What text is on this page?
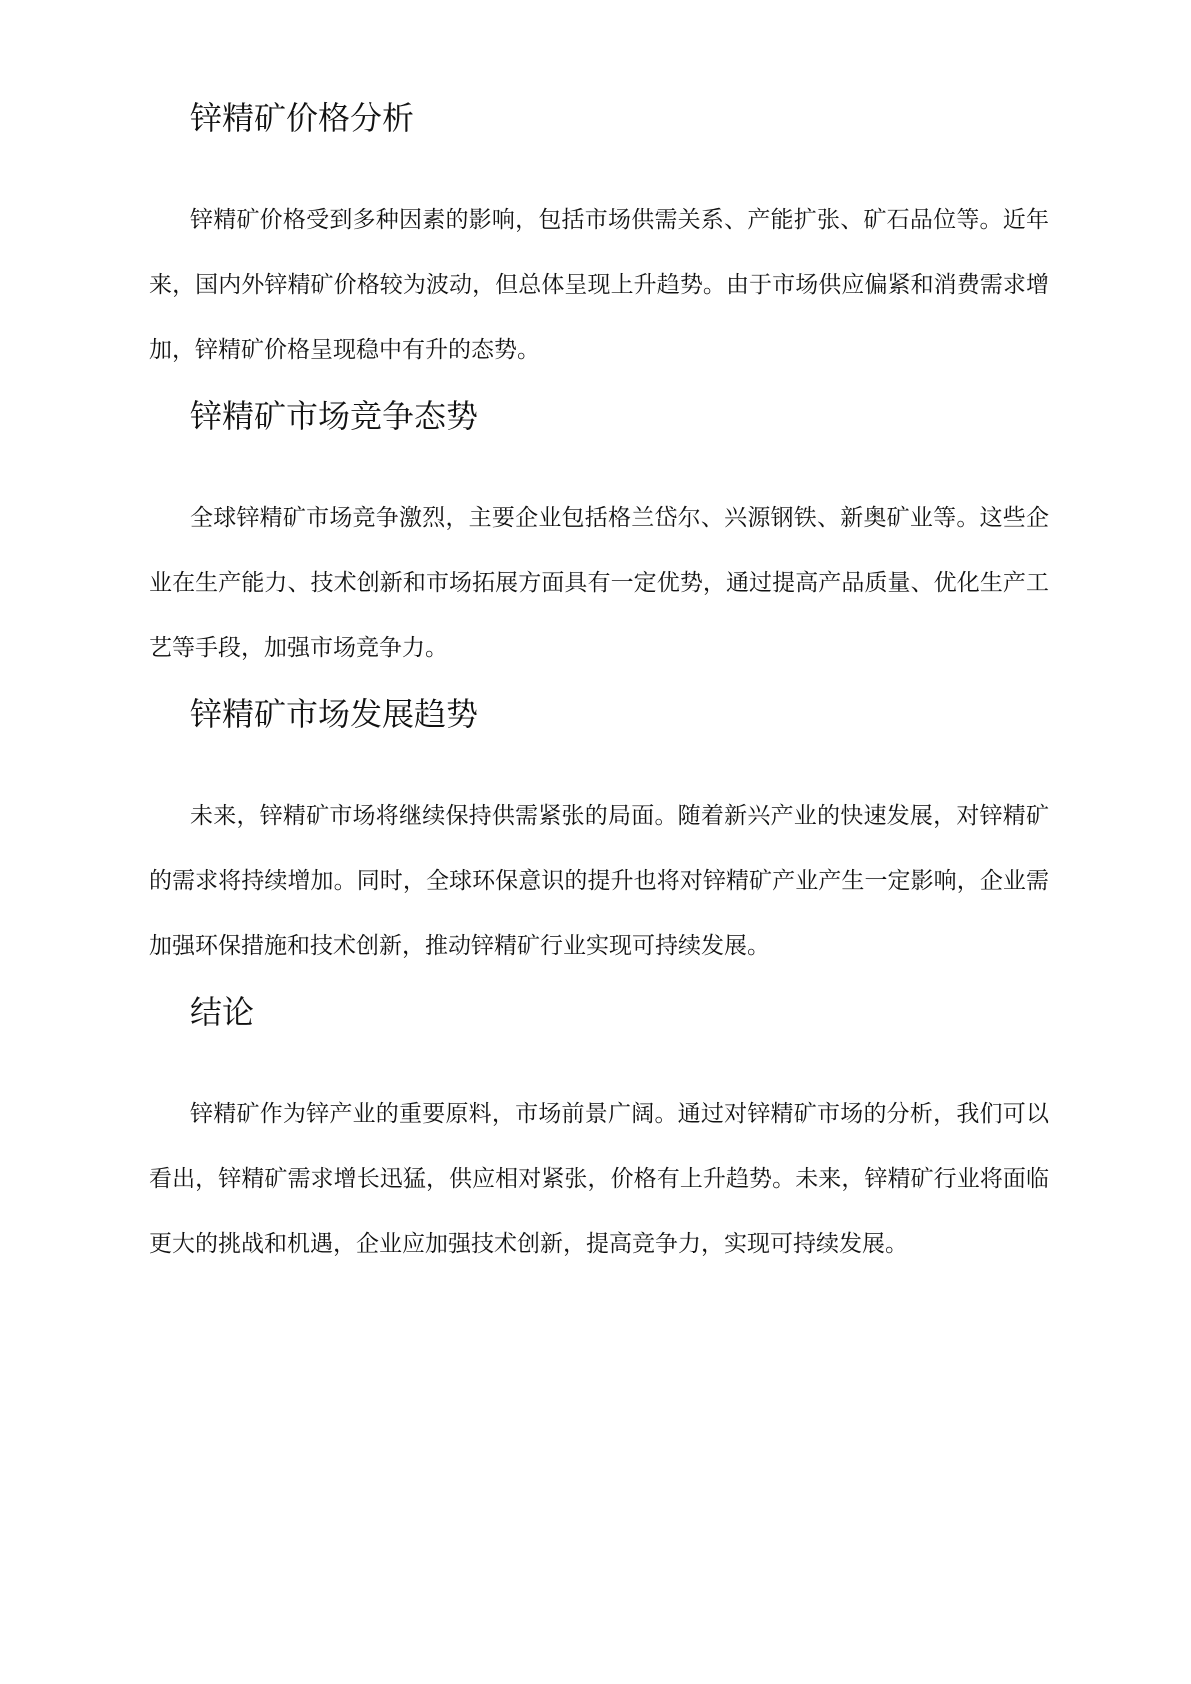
锌精矿价格分析

锌精矿价格受到多种因素的影响，包括市场供需关系、产能扩张、矿石品位等。近年来，国内外锌精矿价格较为波动，但总体呈现上升趋势。由于市场供应偏紧和消费需求增加，锌精矿价格呈现稳中有升的态势。

锌精矿市场竞争态势

全球锌精矿市场竞争激烈，主要企业包括格兰岱尔、兴源钢铁、新奥矿业等。这些企业在生产能力、技术创新和市场拓展方面具有一定优势，通过提高产品质量、优化生产工艺等手段，加强市场竞争力。

锌精矿市场发展趋势

未来，锌精矿市场将继续保持供需紧张的局面。随着新兴产业的快速发展，对锌精矿的需求将持续增加。同时，全球环保意识的提升也将对锌精矿产业产生一定影响，企业需加强环保措施和技术创新，推动锌精矿行业实现可持续发展。

结论

锌精矿作为锌产业的重要原料，市场前景广阔。通过对锌精矿市场的分析，我们可以看出，锌精矿需求增长迅猛，供应相对紧张，价格有上升趋势。未来，锌精矿行业将面临更大的挑战和机遇，企业应加强技术创新，提高竞争力，实现可持续发展。
